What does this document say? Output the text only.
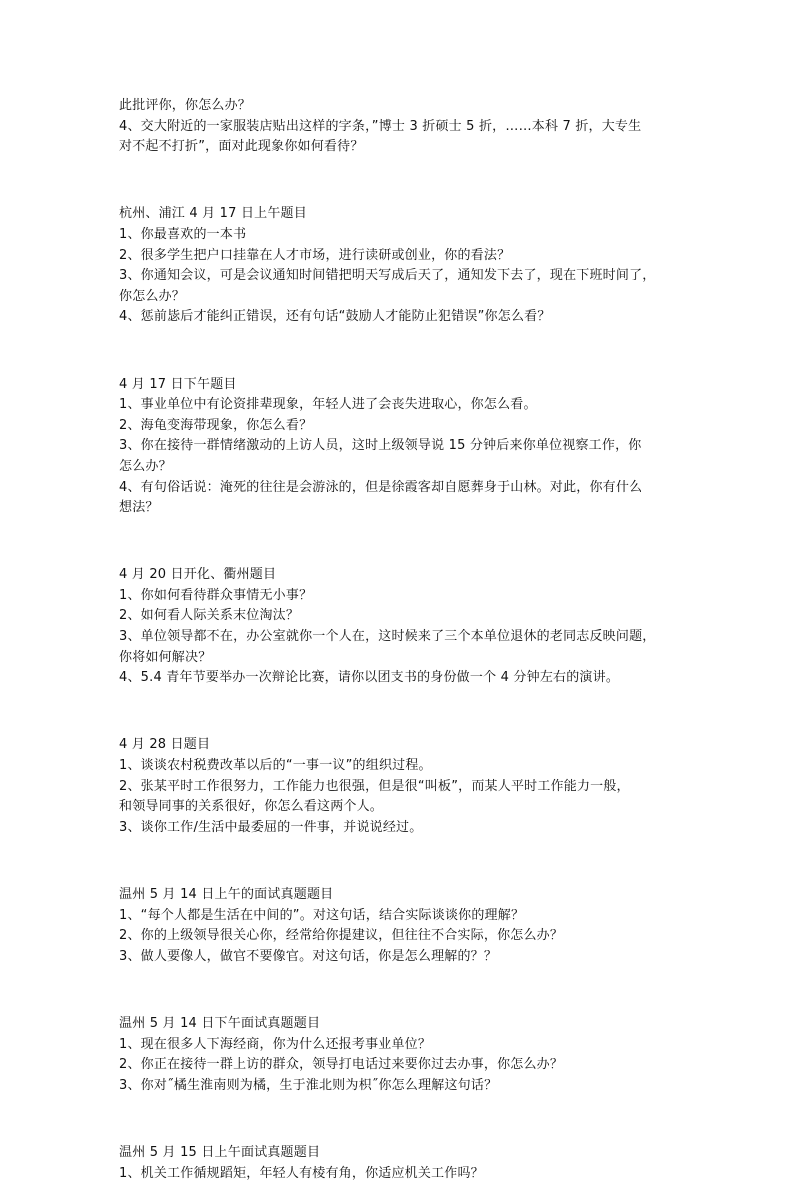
此批评你，你怎么办？

4、交大附近的一家服装店贴出这样的字条，”博士 3 折硕士 5 折，……本科 7 折，大专生

对不起不打折”，面对此现象你如何看待？

杭州、浦江 4 月 17 日上午题目

1、你最喜欢的一本书

2、很多学生把户口挂靠在人才市场，进行读研或创业，你的看法？

3、你通知会议，可是会议通知时间错把明天写成后天了，通知发下去了，现在下班时间了，

你怎么办？

4、惩前毖后才能纠正错误，还有句话“鼓励人才能防止犯错误”你怎么看？

4 月 17 日下午题目

1、事业单位中有论资排辈现象，年轻人进了会丧失进取心，你怎么看。

2、海龟变海带现象，你怎么看？

3、你在接待一群情绪激动的上访人员，这时上级领导说 15 分钟后来你单位视察工作，你

怎么办？

4、有句俗话说：淹死的往往是会游泳的，但是徐霞客却自愿葬身于山林。对此，你有什么

想法？

4 月 20 日开化、衢州题目

1、你如何看待群众事情无小事？

2、如何看人际关系末位淘汰？

3、单位领导都不在，办公室就你一个人在，这时候来了三个本单位退休的老同志反映问题，

你将如何解决？

4、5.4 青年节要举办一次辩论比赛，请你以团支书的身份做一个 4 分钟左右的演讲。

4 月 28 日题目

1、谈谈农村税费改革以后的“一事一议”的组织过程。

2、张某平时工作很努力，工作能力也很强，但是很“叫板”，而某人平时工作能力一般，

和领导同事的关系很好，你怎么看这两个人。

3、谈你工作/生活中最委屈的一件事，并说说经过。

温州 5 月 14 日上午的面试真题题目

1、“每个人都是生活在中间的”。对这句话，结合实际谈谈你的理解？

2、你的上级领导很关心你，经常给你提建议，但往往不合实际，你怎么办？

3、做人要像人，做官不要像官。对这句话，你是怎么理解的？？

温州 5 月 14 日下午面试真题题目

1、现在很多人下海经商，你为什么还报考事业单位？

2、你正在接待一群上访的群众，领导打电话过来要你过去办事，你怎么办？

3、你对˝橘生淮南则为橘，生于淮北则为枳˝你怎么理解这句话？

温州 5 月 15 日上午面试真题题目

1、机关工作循规蹈矩，年轻人有棱有角，你适应机关工作吗？
